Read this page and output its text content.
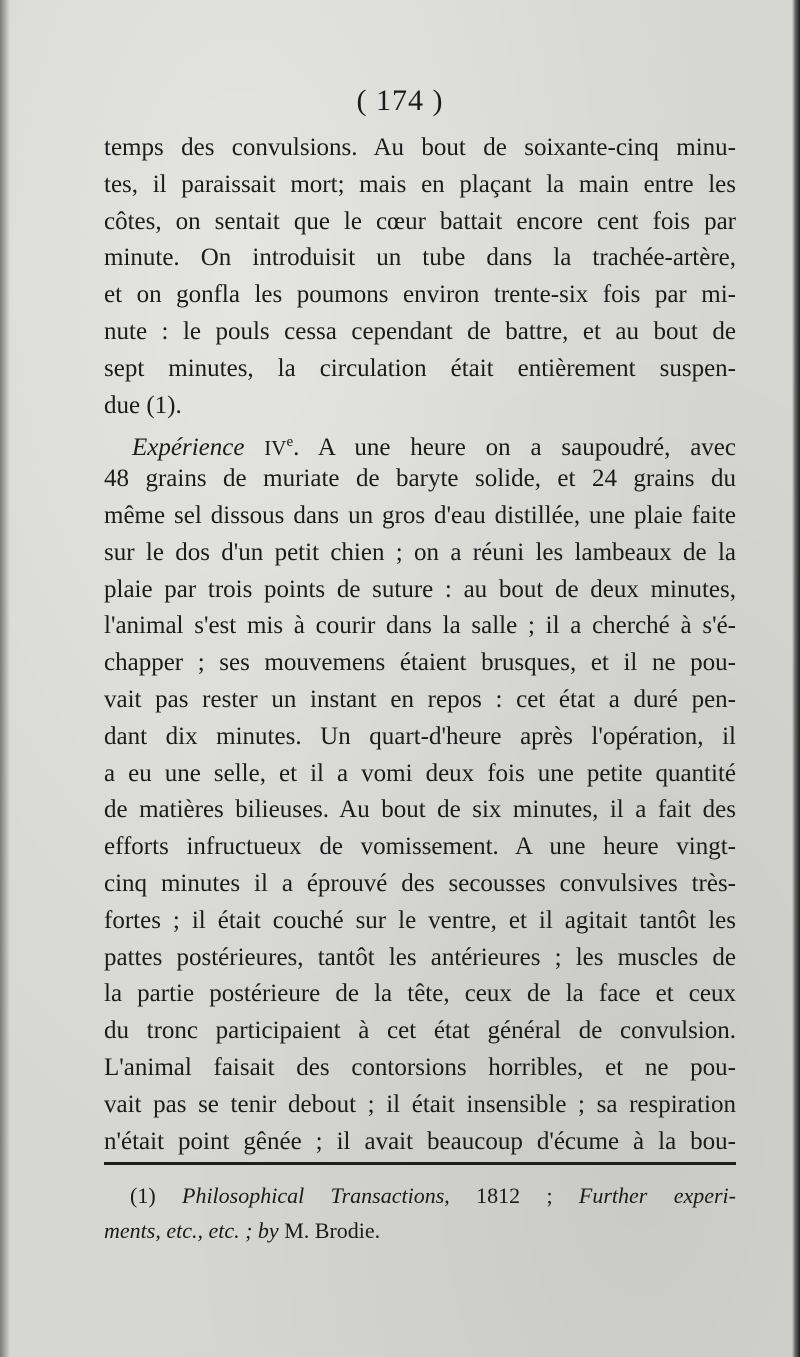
( 174 )
temps des convulsions. Au bout de soixante-cinq minu-
tes, il paraissait mort; mais en plaçant la main entre les
côtes, on sentait que le cœur battait encore cent fois par
minute. On introduisit un tube dans la trachée-artère,
et on gonfla les poumons environ trente-six fois par mi-
nute : le pouls cessa cependant de battre, et au bout de
sept minutes, la circulation était entièrement suspen-
due (1).
Expérience IVe. A une heure on a saupoudré, avec
48 grains de muriate de baryte solide, et 24 grains du
même sel dissous dans un gros d'eau distillée, une plaie faite
sur le dos d'un petit chien ; on a réuni les lambeaux de la
plaie par trois points de suture : au bout de deux minutes,
l'animal s'est mis à courir dans la salle ; il a cherché à s'é-
chapper ; ses mouvemens étaient brusques, et il ne pou-
vait pas rester un instant en repos : cet état a duré pen-
dant dix minutes. Un quart-d'heure après l'opération, il
a eu une selle, et il a vomi deux fois une petite quantité
de matières bilieuses. Au bout de six minutes, il a fait des
efforts infructueux de vomissement. A une heure vingt-
cinq minutes il a éprouvé des secousses convulsives très-
fortes ; il était couché sur le ventre, et il agitait tantôt les
pattes postérieures, tantôt les antérieures ; les muscles de
la partie postérieure de la tête, ceux de la face et ceux
du tronc participaient à cet état général de convulsion.
L'animal faisait des contorsions horribles, et ne pou-
vait pas se tenir debout ; il était insensible ; sa respiration
n'était point gênée ; il avait beaucoup d'écume à la bou-
(1) Philosophical Transactions, 1812 ; Further experi-
ments, etc., etc. ; by M. Brodie.
